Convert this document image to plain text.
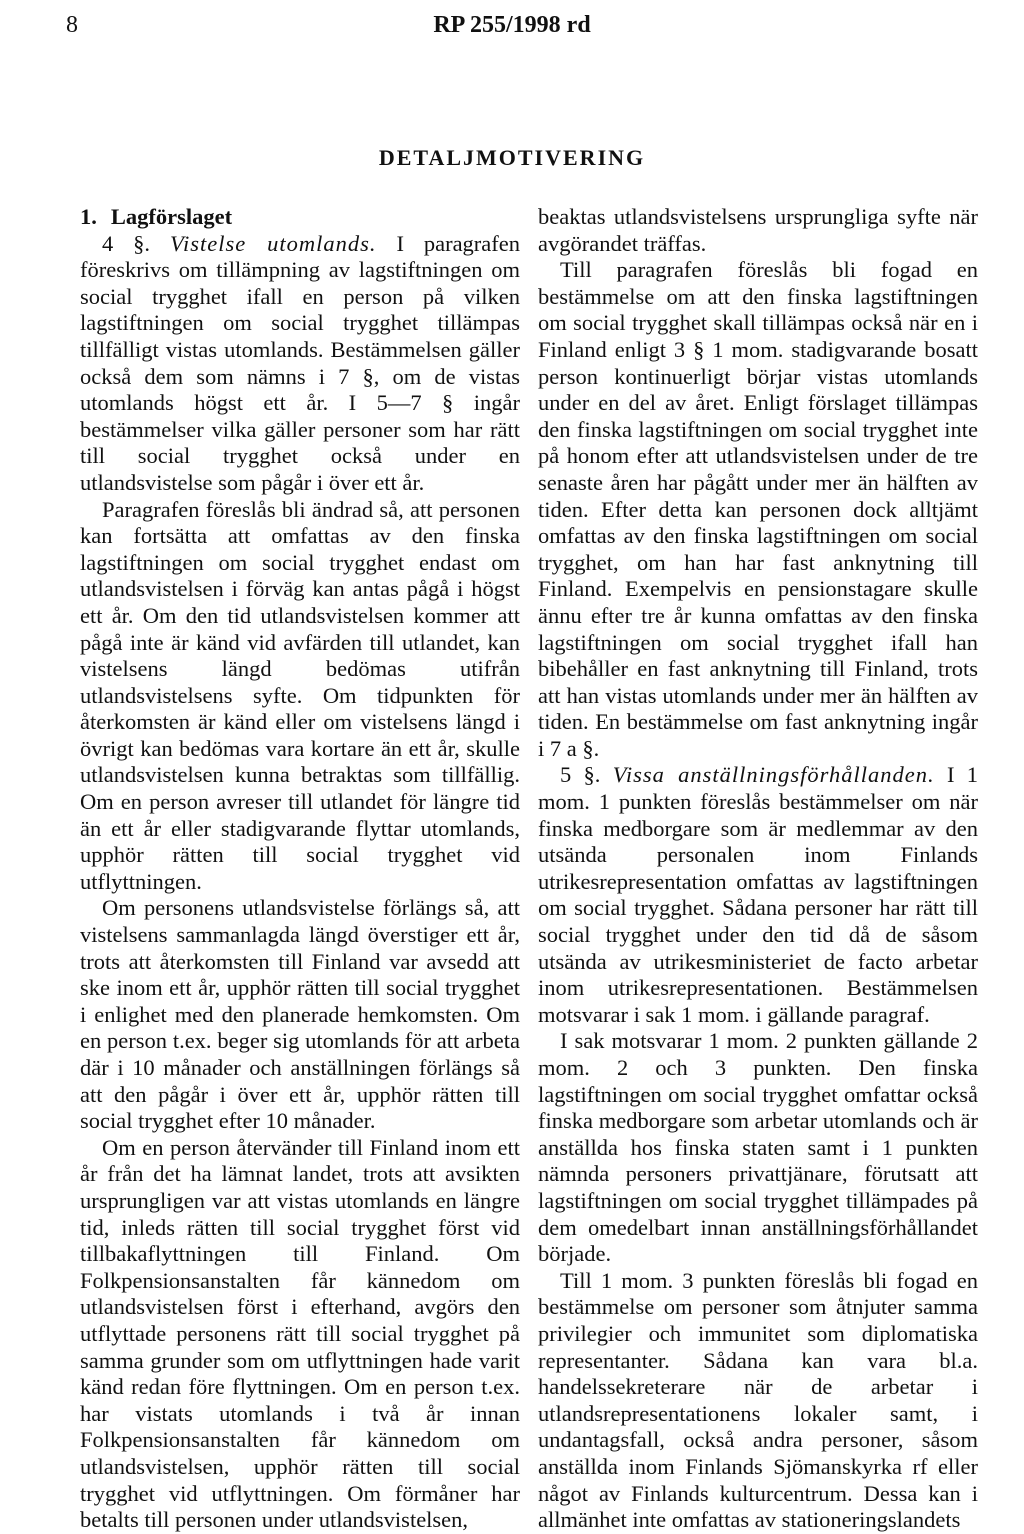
8	RP 255/1998 rd
DETALJMOTIVERING

1. Lagförslaget

4 §. Vistelse utomlands. I paragrafen föreskrivs om tillämpning av lagstiftningen om social trygghet ifall en person på vilken lagstiftningen om social trygghet tillämpas tillfälligt vistas utomlands. Bestämmelsen gäller också dem som nämns i 7 §, om de vistas utomlands högst ett år. I 5—7 § ingår bestämmelser vilka gäller personer som har rätt till social trygghet också under en utlandsvistelse som pågår i över ett år.

Paragrafen föreslås bli ändrad så, att personen kan fortsätta att omfattas av den finska lagstiftningen om social trygghet endast om utlandsvistelsen i förväg kan antas pågå i högst ett år. Om den tid utlandsvistelsen kommer att pågå inte är känd vid avfärden till utlandet, kan vistelsens längd bedömas utifrån utlandsvistelsens syfte. Om tidpunkten för återkomsten är känd eller om vistelsens längd i övrigt kan bedömas vara kortare än ett år, skulle utlandsvistelsen kunna betraktas som tillfällig. Om en person avreser till utlandet för längre tid än ett år eller stadigvarande flyttar utomlands, upphör rätten till social trygghet vid utflyttningen.

Om personens utlandsvistelse förlängs så, att vistelsens sammanlagda längd överstiger ett år, trots att återkomsten till Finland var avsedd att ske inom ett år, upphör rätten till social trygghet i enlighet med den planerade hemkomsten. Om en person t.ex. beger sig utomlands för att arbeta där i 10 månader och anställningen förlängs så att den pågår i över ett år, upphör rätten till social trygghet efter 10 månader.

Om en person återvänder till Finland inom ett år från det ha lämnat landet, trots att avsikten ursprungligen var att vistas utomlands en längre tid, inleds rätten till social trygghet först vid tillbakaflyttningen till Finland. Om Folkpensionsanstalten får kännedom om utlandsvistelsen först i efterhand, avgörs den utflyttade personens rätt till social trygghet på samma grunder som om utflyttningen hade varit känd redan före flyttningen. Om en person t.ex. har vistats utomlands i två år innan Folkpensionsanstalten får kännedom om utlandsvistelsen, upphör rätten till social trygghet vid utflyttningen. Om förmåner har betalts till personen under utlandsvistelsen,

beaktas utlandsvistelsens ursprungliga syfte när avgörandet träffas.

Till paragrafen föreslås bli fogad en bestämmelse om att den finska lagstiftningen om social trygghet skall tillämpas också när en i Finland enligt 3 § 1 mom. stadigvarande bosatt person kontinuerligt börjar vistas utomlands under en del av året. Enligt förslaget tillämpas den finska lagstiftningen om social trygghet inte på honom efter att utlandsvistelsen under de tre senaste åren har pågått under mer än hälften av tiden. Efter detta kan personen dock alltjämt omfattas av den finska lagstiftningen om social trygghet, om han har fast anknytning till Finland. Exempelvis en pensionstagare skulle ännu efter tre år kunna omfattas av den finska lagstiftningen om social trygghet ifall han bibehåller en fast anknytning till Finland, trots att han vistas utomlands under mer än hälften av tiden. En bestämmelse om fast anknytning ingår i 7 a §.

5 §. Vissa anställningsförhållanden. I 1 mom. 1 punkten föreslås bestämmelser om när finska medborgare som är medlemmar av den utsända personalen inom Finlands utrikesrepresentation omfattas av lagstiftningen om social trygghet. Sådana personer har rätt till social trygghet under den tid då de såsom utsända av utrikesministeriet de facto arbetar inom utrikesrepresentationen. Bestämmelsen motsvarar i sak 1 mom. i gällande paragraf.

I sak motsvarar 1 mom. 2 punkten gällande 2 mom. 2 och 3 punkten. Den finska lagstiftningen om social trygghet omfattar också finska medborgare som arbetar utomlands och är anställda hos finska staten samt i 1 punkten nämnda personers privattjänare, förutsatt att lagstiftningen om social trygghet tillämpades på dem omedelbart innan anställningsförhållandet började.

Till 1 mom. 3 punkten föreslås bli fogad en bestämmelse om personer som åtnjuter samma privilegier och immunitet som diplomatiska representanter. Sådana kan vara bl.a. handelssekreterare när de arbetar i utlandsrepresentationens lokaler samt, i undantagsfall, också andra personer, såsom anställda inom Finlands Sjömanskyrka rf eller något av Finlands kulturcentrum. Dessa kan i allmänhet inte omfattas av stationeringslandets
